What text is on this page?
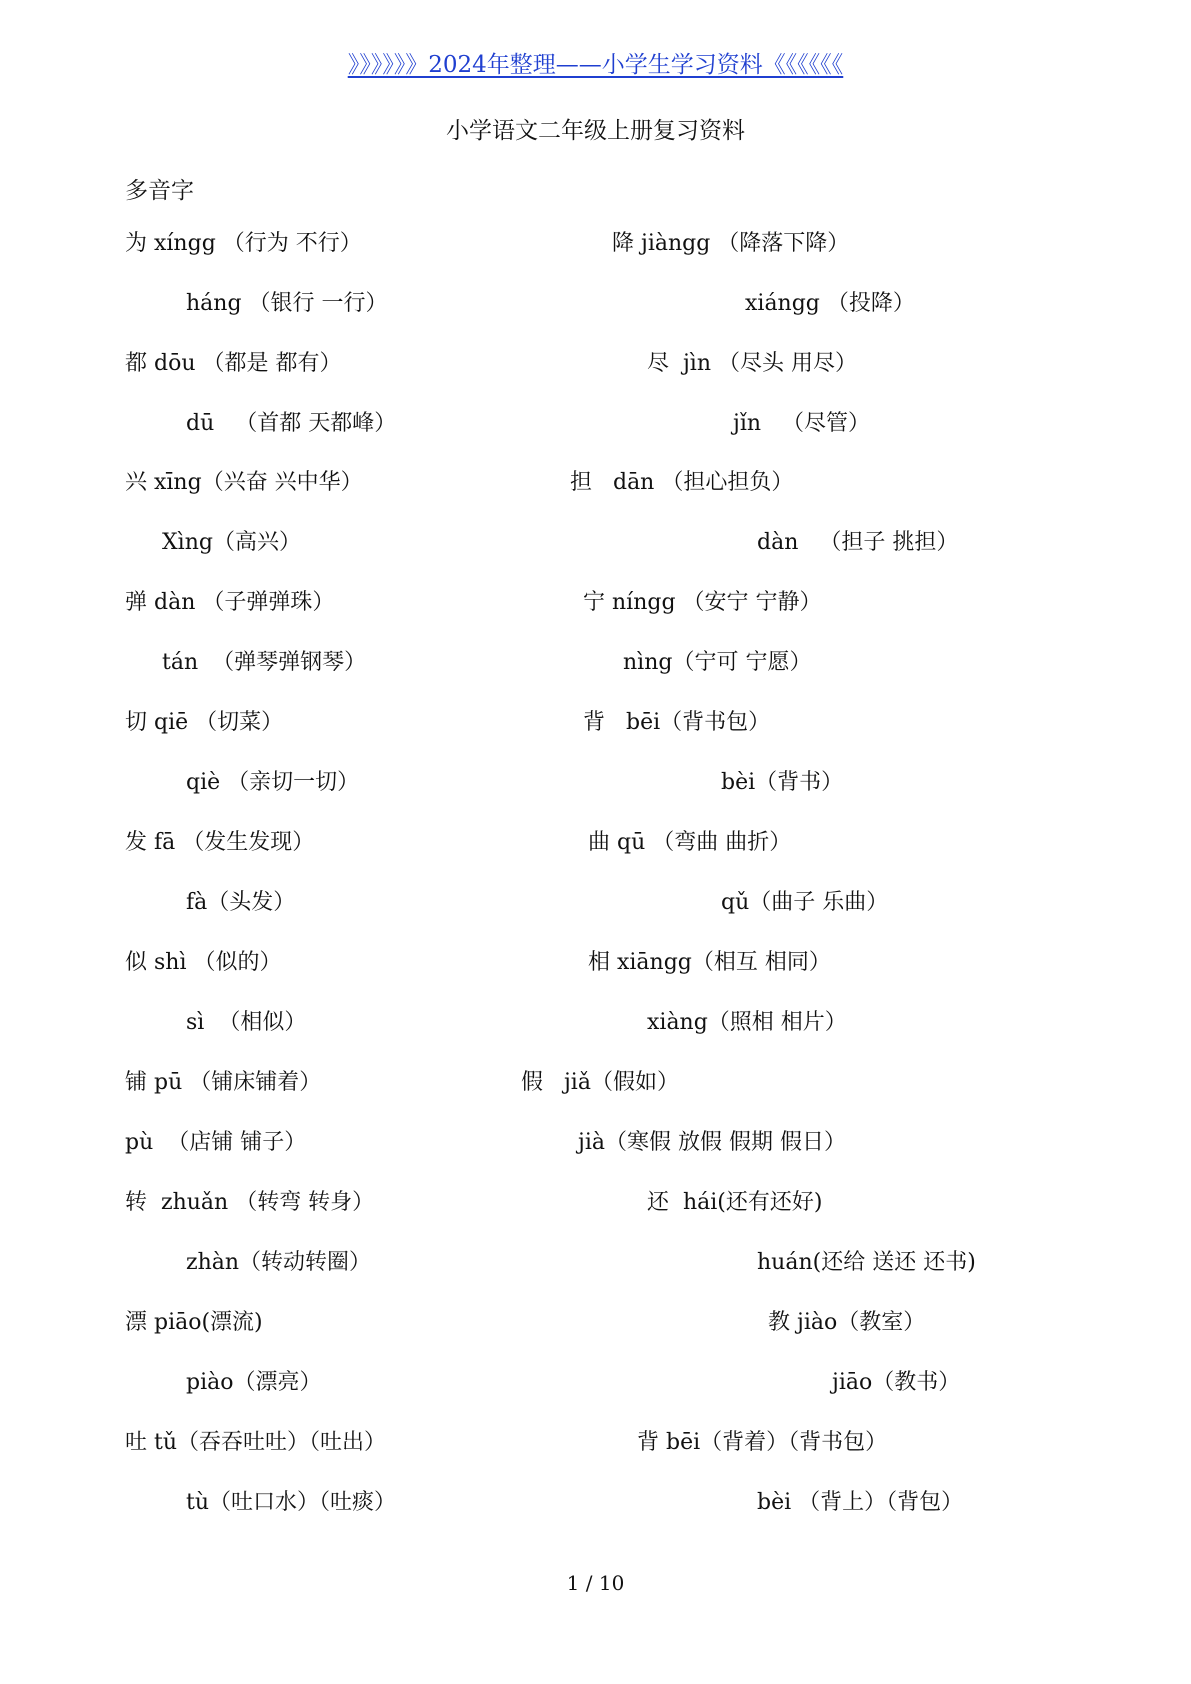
》》》》》》2024年整理——小学生学习资料《《《《《《
小学语文二年级上册复习资料
多音字
为 xíngg （行为 不行）	降 jiàngg （降落下降）
háng （银行 一行）	xiángg （投降）
都 dōu （都是 都有）	尽  jìn （尽头 用尽）
dū   （首都 天都峰）	jǐn   （尽管）
兴 xīng（兴奋 兴中华）	担   dān （担心担负）
Xìng（高兴）	dàn   （担子 挑担）
弹 dàn （子弹弹珠）	宁 níngg （安宁 宁静）
tán  （弹琴弹钢琴）	nìng（宁可 宁愿）
切 qiē （切菜）	背   bēi（背书包）
qiè （亲切一切）	bèi（背书）
发 fā （发生发现）	曲 qū （弯曲 曲折）
fà（头发）	qǔ（曲子 乐曲）
似 shì （似的）	相 xiāngg（相互 相同）
sì  （相似）	xiàng（照相 相片）
铺 pū （铺床铺着）	假   jiǎ（假如）
pù  （店铺 铺子）	jià（寒假 放假 假期 假日）
转  zhuǎn （转弯 转身）	还  hái(还有还好)
zhàn（转动转圈）	huán(还给 送还 还书)
漂 piāo(漂流)	教 jiào（教室）
piào（漂亮）	jiāo（教书）
吐 tǔ（吞吞吐吐）（吐出）	背 bēi（背着）（背书包）
tù（吐口水）（吐痰）	bèi （背上）（背包）
1 / 10
